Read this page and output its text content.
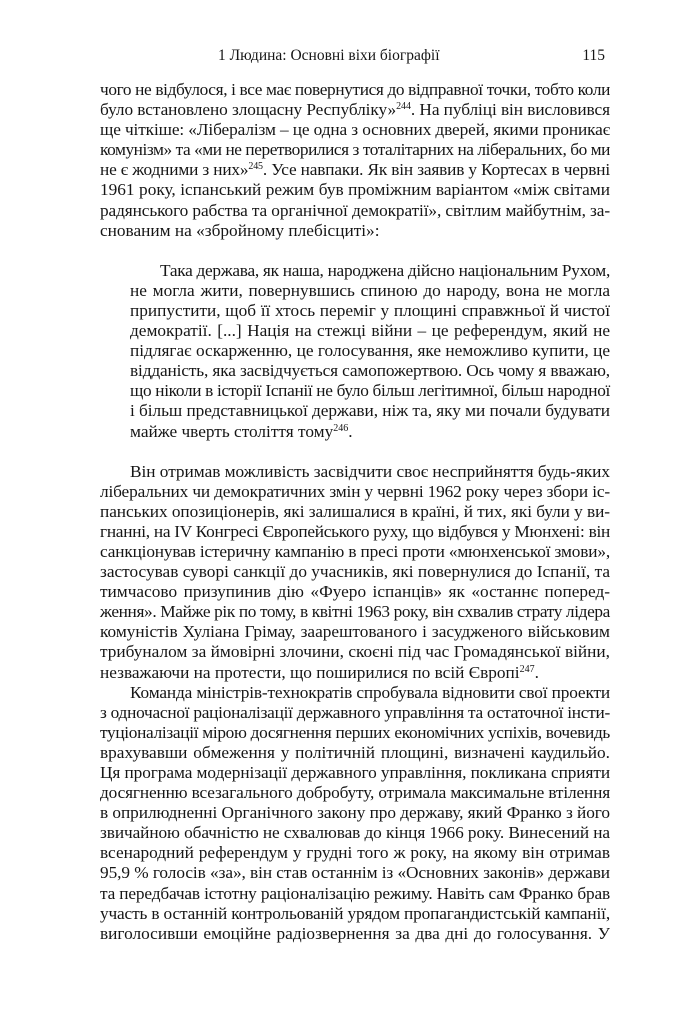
1 Людина: Основні віхи біографії	115
чого не відбулося, і все має повернутися до відправної точки, тобто коли
було встановлено злощасну Республіку»$^{244}$. На публіці він висловився
ще чіткіше: «Лібералізм – це одна з основних дверей, якими проникає
комунізм» та «ми не перетворилися з тоталітарних на ліберальних, бо ми
не є жодними з них»$^{245}$. Усе навпаки. Як він заявив у Кортесах в червні
1961 року, іспанський режим був проміжним варіантом «між світами
радянського рабства та органічної демократії», світлим майбутнім, за-
снованим на «збройному плебісциті»:
Така держава, як наша, народжена дійсно національним Рухом,
не могла жити, повернувшись спиною до народу, вона не могла
припустити, щоб її хтось переміг у площині справжньої й чистої
демократії. [...] Нація на стежці війни – це референдум, який не
підлягає оскарженню, це голосування, яке неможливо купити, це
відданість, яка засвідчується самопожертвою. Ось чому я вважаю,
що ніколи в історії Іспанії не було більш легітимної, більш народної
і більш представницької держави, ніж та, яку ми почали будувати
майже чверть століття тому$^{246}$.
Він отримав можливість засвідчити своє несприйняття будь-яких
ліберальних чи демократичних змін у червні 1962 року через збори іс-
панських опозиціонерів, які залишалися в країні, й тих, які були у ви-
гнанні, на IV Конгресі Європейського руху, що відбувся у Мюнхені: він
санкціонував істеричну кампанію в пресі проти «мюнхенської змови»,
застосував суворі санкції до учасників, які повернулися до Іспанії, та
тимчасово призупинив дію «Фуеро іспанців» як «останнє поперед-
ження». Майже рік по тому, в квітні 1963 року, він схвалив страту лідера
комуністів Хуліана Грімау, заарештованого і засудженого військовим
трибуналом за ймовірні злочини, скоєні під час Громадянської війни,
незважаючи на протести, що поширилися по всій Європі$^{247}$.
Команда міністрів-технократів спробувала відновити свої проекти
з одночасної раціоналізації державного управління та остаточної інсти-
туціоналізації мірою досягнення перших економічних успіхів, вочевидь
врахувавши обмеження у політичній площині, визначені каудильйо.
Ця програма модернізації державного управління, покликана сприяти
досягненню всезагального добробуту, отримала максимальне втілення
в оприлюдненні Органічного закону про державу, який Франко з його
звичайною обачністю не схвалював до кінця 1966 року. Винесений на
всенародний референдум у грудні того ж року, на якому він отримав
95,9 % голосів «за», він став останнім із «Основних законів» держави
та передбачав істотну раціоналізацію режиму. Навіть сам Франко брав
участь в останній контрольованій урядом пропагандистській кампанії,
виголосивши емоційне радіозвернення за два дні до голосування. У
